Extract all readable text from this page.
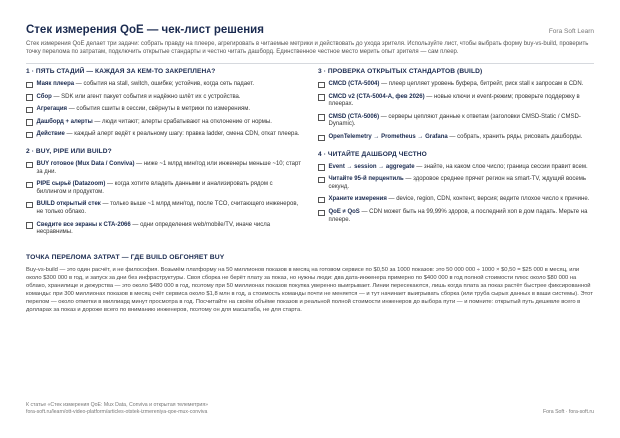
Стек измерения QoE — чек-лист решения	Fora Soft Learn
Стек измерения QoE делает три задачи: собрать правду на плеере, агрегировать в читаемые метрики и действовать до ухода зрителя. Используйте лист, чтобы выбрать форму buy-vs-build, проверить точку перелома по затратам, подключить открытые стандарты и честно читать дашборд. Единственное честное место мерить опыт зрителя — сам плеер.
1 · ПЯТЬ СТАДИЙ — КАЖДАЯ ЗА КЕМ-ТО ЗАКРЕПЛЕНА?
Маяк плеера — события на stall, switch, ошибке; устойчив, когда сеть падает.
Сбор — SDK или агент пакует события и надёжно шлёт их с устройства.
Агрегация — события сшиты в сессии, свёрнуты в метрики по измерениям.
Дашборд + алерты — люди читают; алерты срабатывают на отклонение от нормы.
Действие — каждый алерт ведёт к реальному шагу: правка ladder, смена CDN, откат плеера.
2 · BUY, PIPE ИЛИ BUILD?
BUY готовое (Mux Data / Conviva) — ниже ~1 млрд мин/год или инженеры меньше ~10; старт за дни.
PIPE сырьё (Datazoom) — когда хотите владеть данными и анализировать рядом с биллингом и продуктом.
BUILD открытый стек — только выше ~1 млрд мин/год, после TCO, считающего инженеров, не только облако.
Сведите все экраны к CTA-2066 — одни определения web/mobile/TV, иначе числа несравнимы.
3 · ПРОВЕРКА ОТКРЫТЫХ СТАНДАРТОВ (BUILD)
CMCD (CTA-5004) — плеер цепляет уровень буфера, битрейт, риск stall к запросам в CDN.
CMCD v2 (CTA-5004-A, фев 2026) — новые ключи и event-режим; проверьте поддержку в плеерах.
CMSD (CTA-5006) — серверы цепляют данные к ответам (заголовки CMSD-Static / CMSD-Dynamic).
OpenTelemetry → Prometheus → Grafana — собрать, хранить ряды, рисовать дашборды.
4 · ЧИТАЙТЕ ДАШБОРД ЧЕСТНО
Event → session → aggregate — знайте, на каком слое число; граница сессии правит всем.
Читайте 95-й перцентиль — здоровое среднее прячет регион на smart-TV, ждущий восемь секунд.
Храните измерения — device, region, CDN, контент, версия; ведите плохое число к причине.
QoE ≠ QoS — CDN может быть на 99,99% здоров, а последний хоп в дом падать. Мерьте на плеере.
ТОЧКА ПЕРЕЛОМА ЗАТРАТ — ГДЕ BUILD ОБГОНЯЕТ BUY
Buy-vs-build — это один расчёт, и не философия. Возьмём платформу на 50 миллионов показов в месяц на готовом сервисе по $0,50 за 1000 показов: это 50 000 000 ÷ 1000 × $0,50 = $25 000 в месяц, или около $300 000 в год, и запуск за дни без инфраструктуры. Своя сборка не берёт плату за показ, но нужны люди: два дата-инженера примерно по $400 000 в год полной стоимости плюс около $80 000 на облако, хранилище и дежурства — это около $480 000 в год, поэтому при 50 миллионах показов покупка уверенно выигрывает. Линии пересекаются, лишь когда плата за показ растёт быстрее фиксированной команды: при 300 миллионах показов в месяц счёт сервиса около $1,8 млн в год, а стоимость команды почти не меняется — и тут начинает выигрывать сборка (или труба сырых данных в ваши системы). Этот перелом — около отметки в миллиард минут просмотра в год. Посчитайте на своём объёме показов и реальной полной стоимости инженеров до выбора пути — и помните: открытый путь дешевле всего в долларах за показ и дороже всего по вниманию инженеров, поэтому он для масштаба, не для старта.
К статье «Стек измерения QoE: Mux Data, Conviva и открытая телеметрия»
fora-soft.ru/learn/ott-video-platform/articles-otstek-izmereniya-qoe-mux-conviva	Fora Soft · fora-soft.ru
